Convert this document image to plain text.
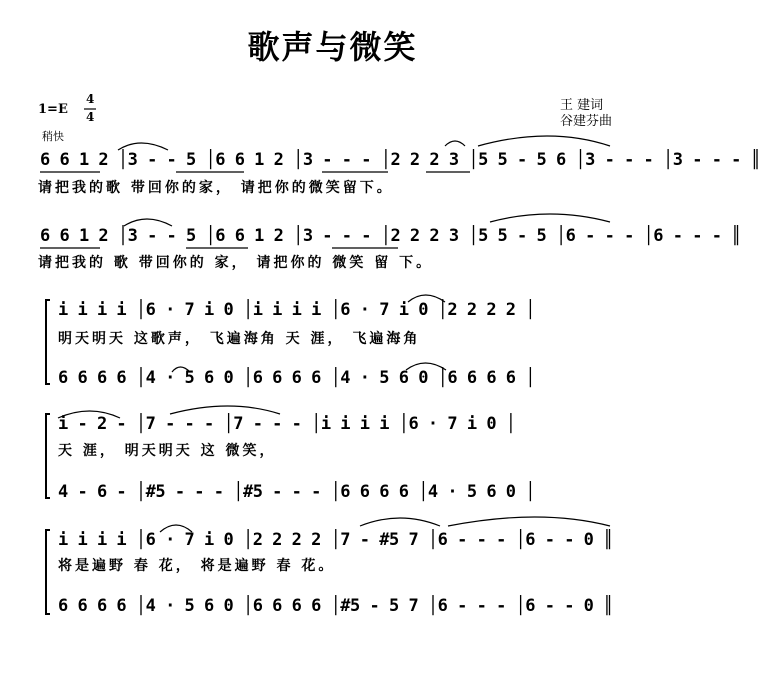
歌声与微笑
1=E
4
4
稍快
王 建词
谷建芬曲
6 6 1 2 │3 - - 5 │6 6 1 2 │3 - - - │2 2 2 3 │5 5 - 5 6 │3 - - - │3 - - - ║
请把我的歌 带回你的家， 请把你的微笑留下。
6 6 1 2 │3 - - 5 │6 6 1 2 │3 - - - │2 2 2 3 │5 5 - 5 │6 - - - │6 - - - ║
请把我的 歌 带回你的 家， 请把你的 微笑 留 下。
i i i i │6 · 7 i 0 │i i i i │6 · 7 i 0 │2 2 2 2 │
明天明天 这歌声， 飞遍海角 天 涯， 飞遍海角
6 6 6 6 │4 · 5 6 0 │6 6 6 6 │4 · 5 6 0 │6 6 6 6 │
i - 2 - │7 - - - │7 - - - │i i i i │6 · 7 i 0 │
天 涯， 明天明天 这 微笑，
4 - 6 - │#5 - - - │#5 - - - │6 6 6 6 │4 · 5 6 0 │
i i i i │6 · 7 i 0 │2 2 2 2 │7 - #5 7 │6 - - - │6 - - 0 ║
将是遍野 春 花， 将是遍野 春 花。
6 6 6 6 │4 · 5 6 0 │6 6 6 6 │#5 - 5 7 │6 - - - │6 - - 0 ║
